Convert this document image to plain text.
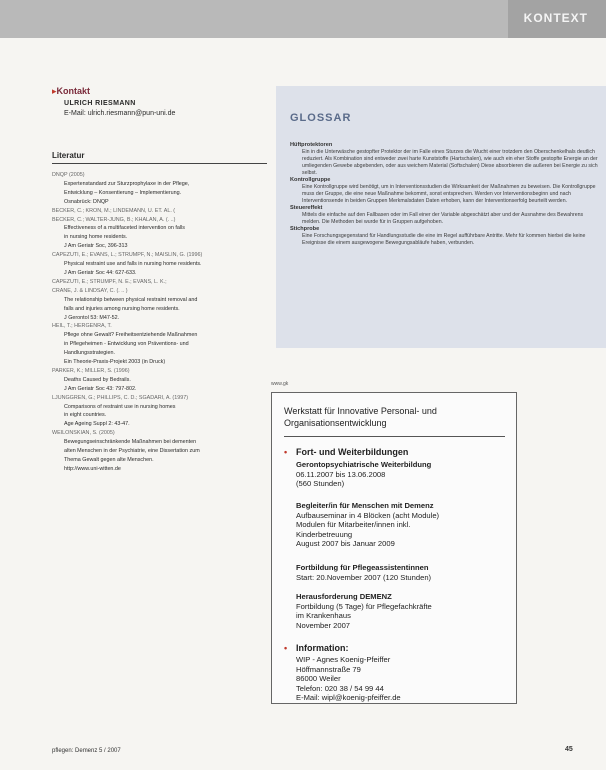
KONTEXT
▸ Kontakt
ULRICH RIESMANN
E-Mail: ulrich.riesmann@pun-uni.de
Literatur

DNQP (2005)

Expertenstandard zur Sturzprophylaxe in der Pflege,

Entwicklung – Konsentierung – Implementierung.

Osnabrück: DNQP

BECKER, C.; KRON, M.; LINDEMANN, U. ET. AL. (

BECKER, C.; WALTER-JUNG, B.; KHALAN, A. (. ..)

Effectiveness of a multifaceted intervention on falls

in nursing home residents.

J Am Geriatr Soc, 396-313

CAPEZUTI, E.; EVANS, L.; STRUMPF, N.; MAISLIN, G. (1996)

Physical restraint use and falls in nursing home residents.

J Am Geriatr Soc 44: 627-633.

CAPEZUTI, E.; STRUMPF, N. E.; EVANS, L. K.;

CRANE, J. & LINDSAY, C. (. .. )

The relationship between physical restraint removal and

falls and injuries among nursing home residents.

J Gerontol 53: M47-52.

HEIL, T.; HERGENRA, T.

Pflege ohne Gewalt? Freiheitsentziehende Maßnahmen

in Pflegeheimen - Entwicklung von Präventions- und

Handlungsstrategien.

Ein Theorie-Praxis-Projekt 2003 (in Druck)

PARKER, K.; MILLER, S. (1996)

Deaths Caused by Bedrails.

J Am Geriatr Soc 43: 797-802.

LJUNGGREN, G.; PHILLIPS, C. D.; SGADARI, A. (1997)

Comparisons of restraint use in nursing homes

in eight countries.

Age Ageing Suppl 2: 43-47.

WEILONSKIAN, S. (2005)

Bewegungseinschränkende Maßnahmen bei dementen

alten Menschen in der Psychiatrie, eine Dissertation zum

Thema Gewalt gegen alte Menschen.

http://www.uni-witten.de

GLOSSAR
Hüftprotektoren
Ein in die Unterwäsche gestopfter Protektor der im Falle eines Sturzes die Wucht einer trotzdem den Oberschenkelhals deutlich reduziert. Als Kombination sind entweder zwei harte Kunststoffe (Hartschalen), wie auch ein eher Stoffe gestopfte Energie an der umliegenden Gewebe abgebenden, oder aus weichem Material (Softschalen) Diese absorbieren die außeren bei Energie zu sich selbst.
Kontrollgruppe
Eine Kontrollgruppe wird benötigt, um in Interventionsstudien die Wirksamkeit der Maßnahmen zu beweisen. Die Kontrollgruppe muss der Gruppe, die eine neue Maßnahme bekommt, sonst entsprechen. Werden vor Interventionsbeginn und nach Interventionsende in beiden Gruppen Merkmalsdaten Daten erhoben, kann der Interventionserfolg beurteilt werden.
Steuereffekt
Mittels die einfache auf den Fallbasen oder im Fall einer der Variable abgeschätzt aber und der Ausnahme des Bewahrens melden. Die Methoden bei wurde für in Gruppen aufgehoben.
Stichprobe
Eine Forschungsgegenstand für Handlungsstudie die eine im Regel aufführbare Antritte. Mehr für kommen hierbei die keine Ereignisse die einem ausgewogene Bewegungsabläufe haben, verbunden.
www.gk
Werkstatt für Innovative Personal- und
Organisationsentwicklung
• Fort- und Weiterbildungen
Gerontopsychiatrische Weiterbildung
06.11.2007 bis 13.06.2008
(560 Stunden)
Begleiter/in für Menschen mit Demenz
Aufbauseminar in 4 Blöcken (acht Module)
Modulen für Mitarbeiter/innen inkl.
Kinderbetreuung
August 2007 bis Januar 2009
Fortbildung für Pflegeassistentinnen
Start: 20.November 2007 (120 Stunden)
Herausforderung DEMENZ
Fortbildung (5 Tage) für Pflegefachkräfte
im Krankenhaus
November 2007
• Information:
WIP - Agnes Koenig-Pfeiffer
Höffmannstraße 79
86000 Weiler
Telefon: 020 38 / 54 99 44
E-Mail: wipl@koenig-pfeiffer.de
pflegen: Demenz 5 / 2007	45
